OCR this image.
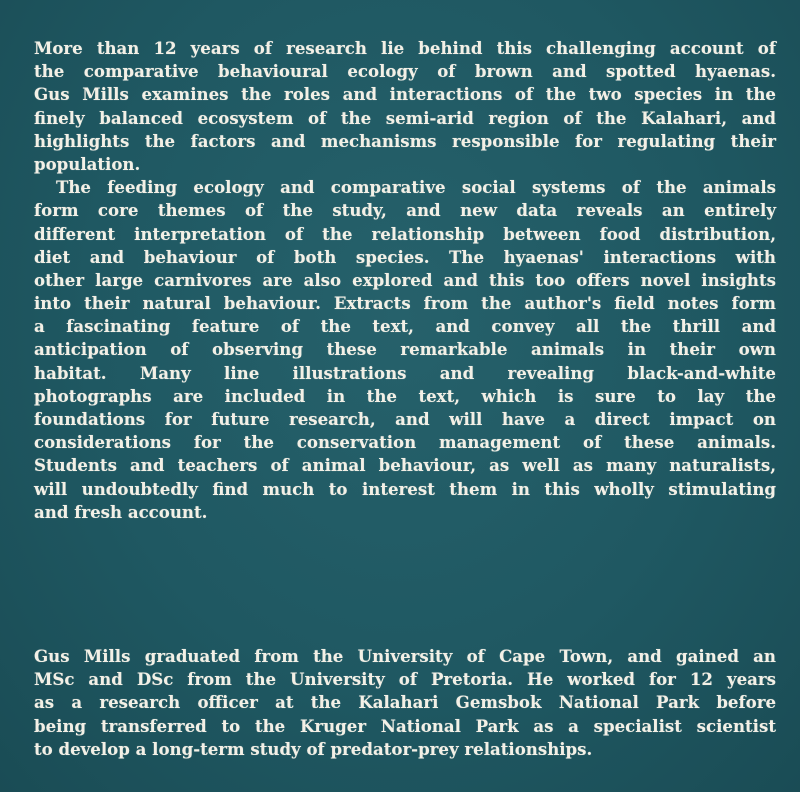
More than 12 years of research lie behind this challenging account of
the comparative behavioural ecology of brown and spotted hyaenas.
Gus Mills examines the roles and interactions of the two species in the
finely balanced ecosystem of the semi-arid region of the Kalahari, and
highlights the factors and mechanisms responsible for regulating their
population.
The feeding ecology and comparative social systems of the animals
form core themes of the study, and new data reveals an entirely
different interpretation of the relationship between food distribution,
diet and behaviour of both species. The hyaenas' interactions with
other large carnivores are also explored and this too offers novel insights
into their natural behaviour. Extracts from the author's field notes form
a fascinating feature of the text, and convey all the thrill and
anticipation of observing these remarkable animals in their own
habitat. Many line illustrations and revealing black-and-white
photographs are included in the text, which is sure to lay the
foundations for future research, and will have a direct impact on
considerations for the conservation management of these animals.
Students and teachers of animal behaviour, as well as many naturalists,
will undoubtedly find much to interest them in this wholly stimulating
and fresh account.
Gus Mills graduated from the University of Cape Town, and gained an
MSc and DSc from the University of Pretoria. He worked for 12 years
as a research officer at the Kalahari Gemsbok National Park before
being transferred to the Kruger National Park as a specialist scientist
to develop a long-term study of predator-prey relationships.
